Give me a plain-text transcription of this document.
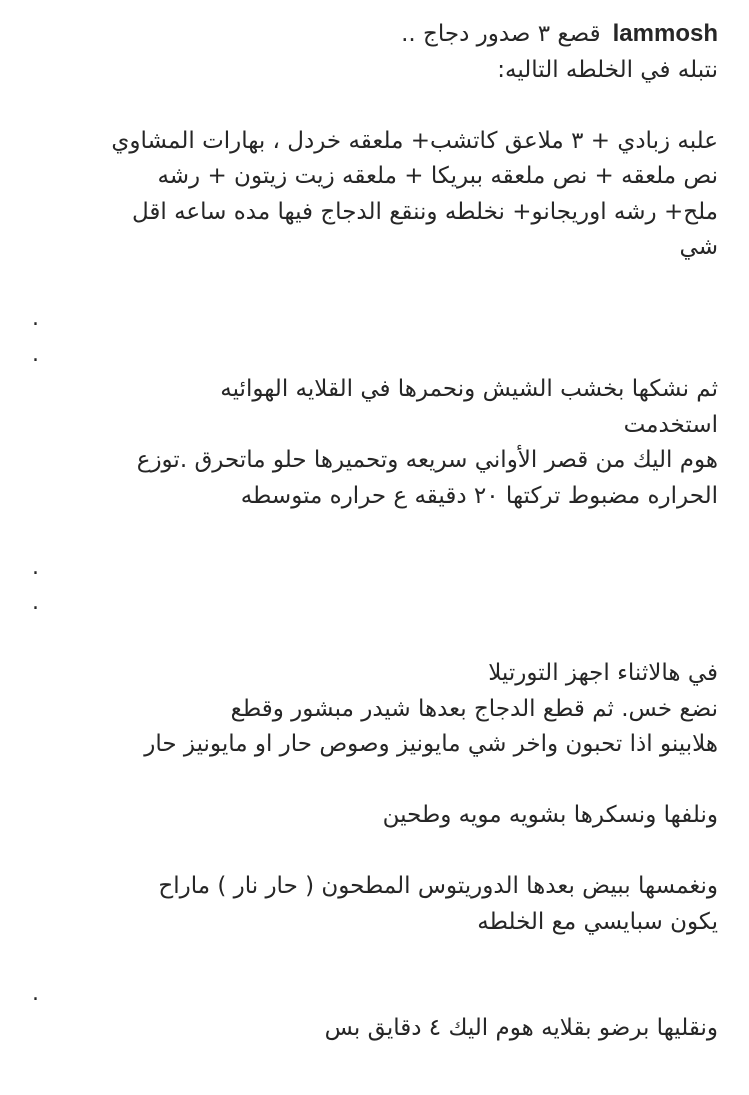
lammoshقصع ٣ صدور دجاج ..
نتبله في الخلطه التاليه:
علبه زبادي + ٣ ملاعق كاتشب+ ملعقه خردل ، بهارات المشاوي
نص ملعقه + نص ملعقه ببريكا + ملعقه زيت زيتون + رشه
ملح+ رشه اوريجانو+ نخلطه وننقع الدجاج فيها مده ساعه اقل
شي
.
.
ثم نشكها بخشب الشيش ونحمرها في القلايه الهوائيه
استخدمت
هوم اليك من قصر الأواني سريعه وتحميرها حلو ماتحرق .توزع
الحراره مضبوط تركتها ٢٠ دقيقه ع حراره متوسطه
.
.
في هالاثناء اجهز التورتيلا
نضع خس. ثم قطع الدجاج بعدها شيدر مبشور وقطع
هلابينو اذا تحبون واخر شي مايونيز وصوص حار او مايونيز حار
ونلفها ونسكرها بشويه مويه وطحين
ونغمسها ببيض بعدها الدوريتوس المطحون ( حار نار ) ماراح
يكون سبايسي مع الخلطه
.
ونقليها برضو بقلايه هوم اليك ٤ دقايق بس
